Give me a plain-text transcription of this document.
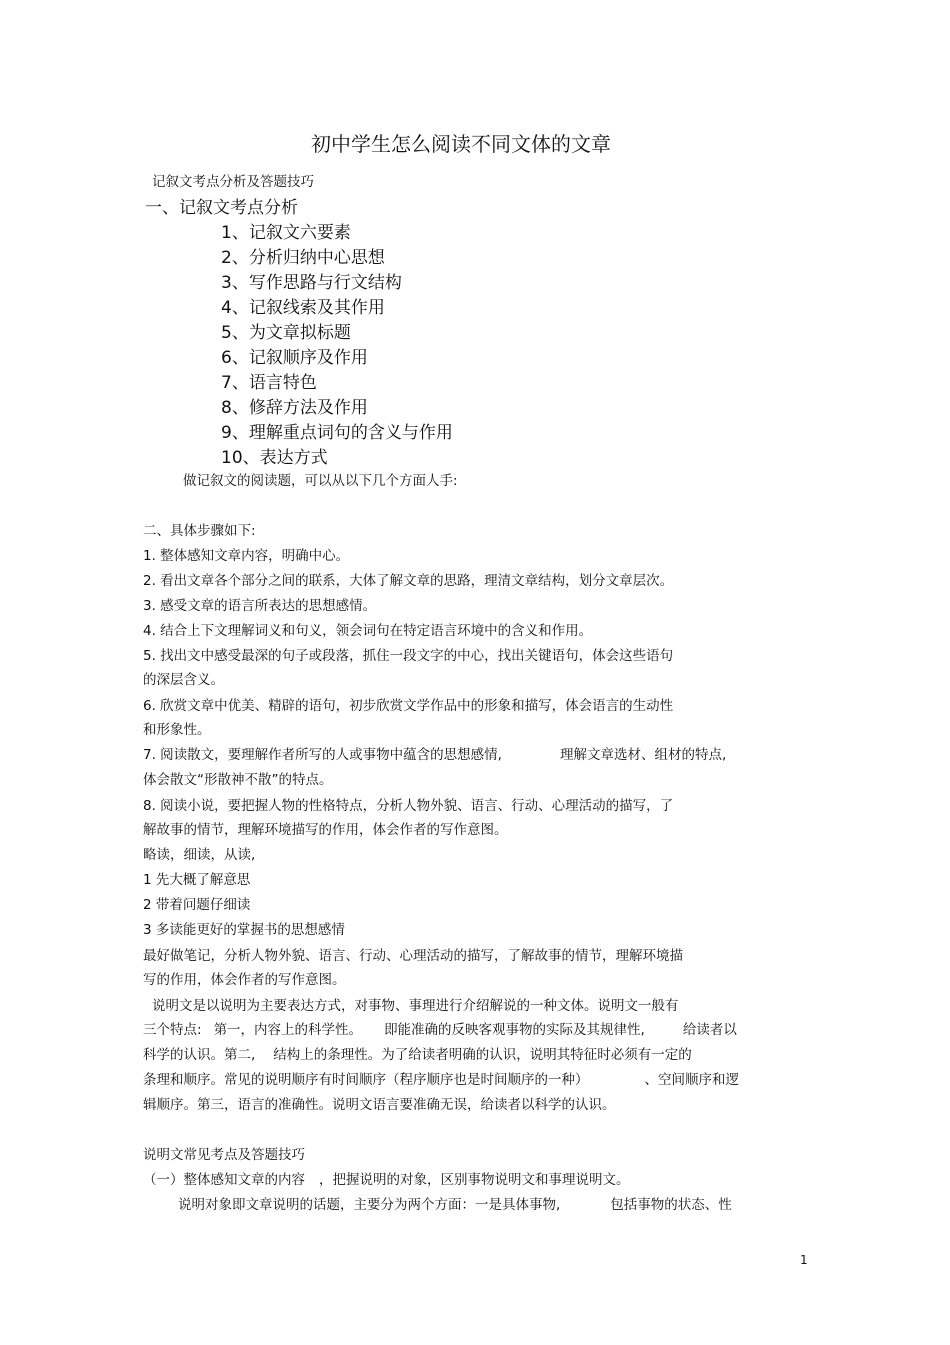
初中学生怎么阅读不同文体的文章

记叙文考点分析及答题技巧

一、记叙文考点分析

1、记叙文六要素

2、分析归纳中心思想

3、写作思路与行文结构

4、记叙线索及其作用

5、为文章拟标题

6、记叙顺序及作用

7、语言特色

8、修辞方法及作用

9、理解重点词句的含义与作用

10、表达方式

做记叙文的阅读题，可以从以下几个方面人手:

二、具体步骤如下:

1. 整体感知文章内容，明确中心。

2. 看出文章各个部分之间的联系，大体了解文章的思路，理清文章结构，划分文章层次。

3. 感受文章的语言所表达的思想感情。

4. 结合上下文理解词义和句义，领会词句在特定语言环境中的含义和作用。

5. 找出文中感受最深的句子或段落，抓住一段文字的中心，找出关键语句，体会这些语句

的深层含义。

6. 欣赏文章中优美、精辟的语句，初步欣赏文学作品中的形象和描写，体会语言的生动性

和形象性。

7. 阅读散文，要理解作者所写的人或事物中蕴含的思想感情,	理解文章选材、组材的特点,

体会散文“形散神不散”的特点。

8. 阅读小说，要把握人物的性格特点，分析人物外貌、语言、行动、心理活动的描写，了

解故事的情节，理解环境描写的作用，体会作者的写作意图。

略读，细读，从读,

1 先大概了解意思

2 带着问题仔细读

3 多读能更好的掌握书的思想感情

最好做笔记，分析人物外貌、语言、行动、心理活动的描写，了解故事的情节，理解环境描

写的作用，体会作者的写作意图。

说明文是以说明为主要表达方式，对事物、事理进行介绍解说的一种文体。说明文一般有

三个特点: 第一，内容上的科学性。 即能准确的反映客观事物的实际及其规律性,	给读者以

科学的认识。第二, 结构上的条理性。为了给读者明确的认识，说明其特征时必须有一定的

条理和顺序。常见的说明顺序有时间顺序（程序顺序也是时间顺序的一种）	、空间顺序和逻

辑顺序。第三，语言的准确性。说明文语言要准确无误，给读者以科学的认识。

说明文常见考点及答题技巧

（一）整体感知文章的内容 ，把握说明的对象，区别事物说明文和事理说明文。

说明对象即文章说明的话题，主要分为两个方面：一是具体事物,	包括事物的状态、性

1
